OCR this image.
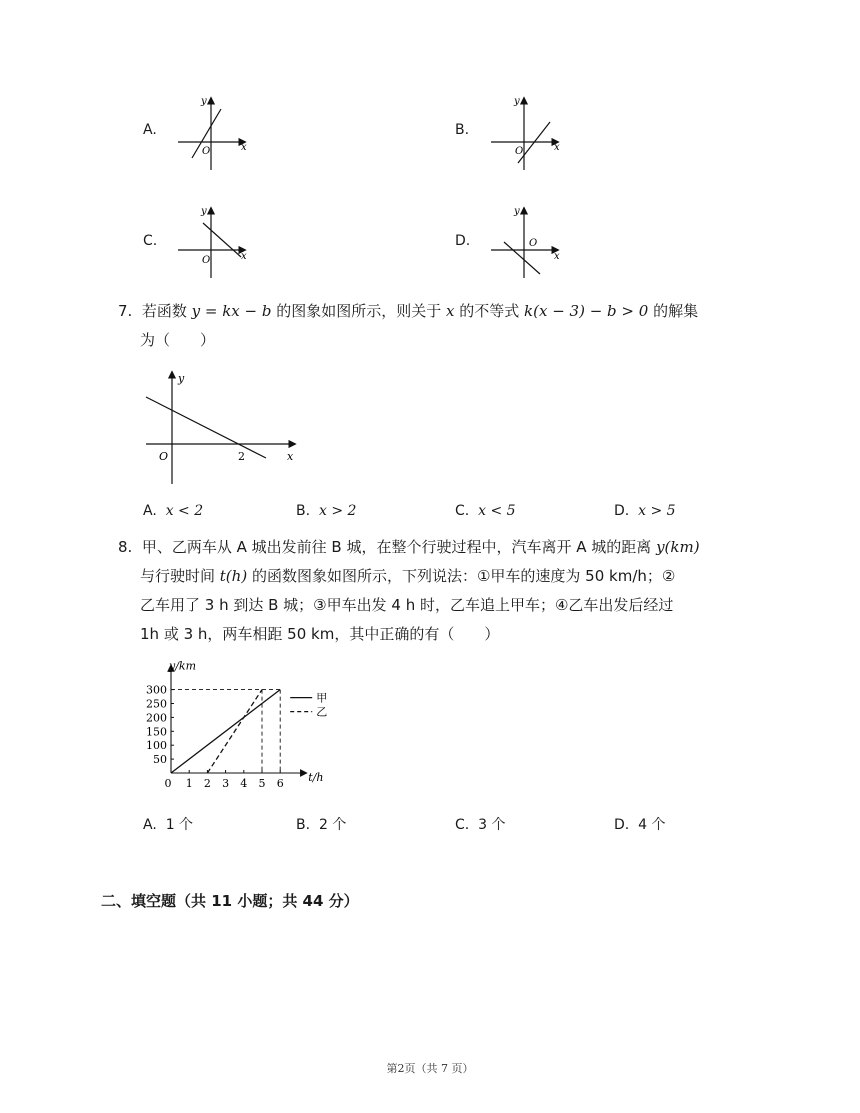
A.
y
x
O
B.
y
x
O
C.
y
x
O
D.
y
x
O
7. 若函数 y = kx − b 的图象如图所示，则关于 x 的不等式 k(x − 3) − b > 0 的解集
为（　　）
y
x
O	2
A. x < 2	B. x > 2	C. x < 5	D. x > 5
8. 甲、乙两车从 A 城出发前往 B 城，在整个行驶过程中，汽车离开 A 城的距离 y(km)
与行驶时间 t(h) 的函数图象如图所示，下列说法：①甲车的速度为 50 km/h；②
乙车用了 3 h 到达 B 城；③甲车出发 4 h 时，乙车追上甲车；④乙车出发后经过
1h 或 3 h，两车相距 50 km，其中正确的有（　　）
300
250
200
150
100
50
0 1 2 3 4 5 6
y/km
t/h
甲
乙
A. 1 个	B. 2 个	C. 3 个	D. 4 个
二、填空题（共 11 小题；共 44 分）
第2页（共 7 页）
